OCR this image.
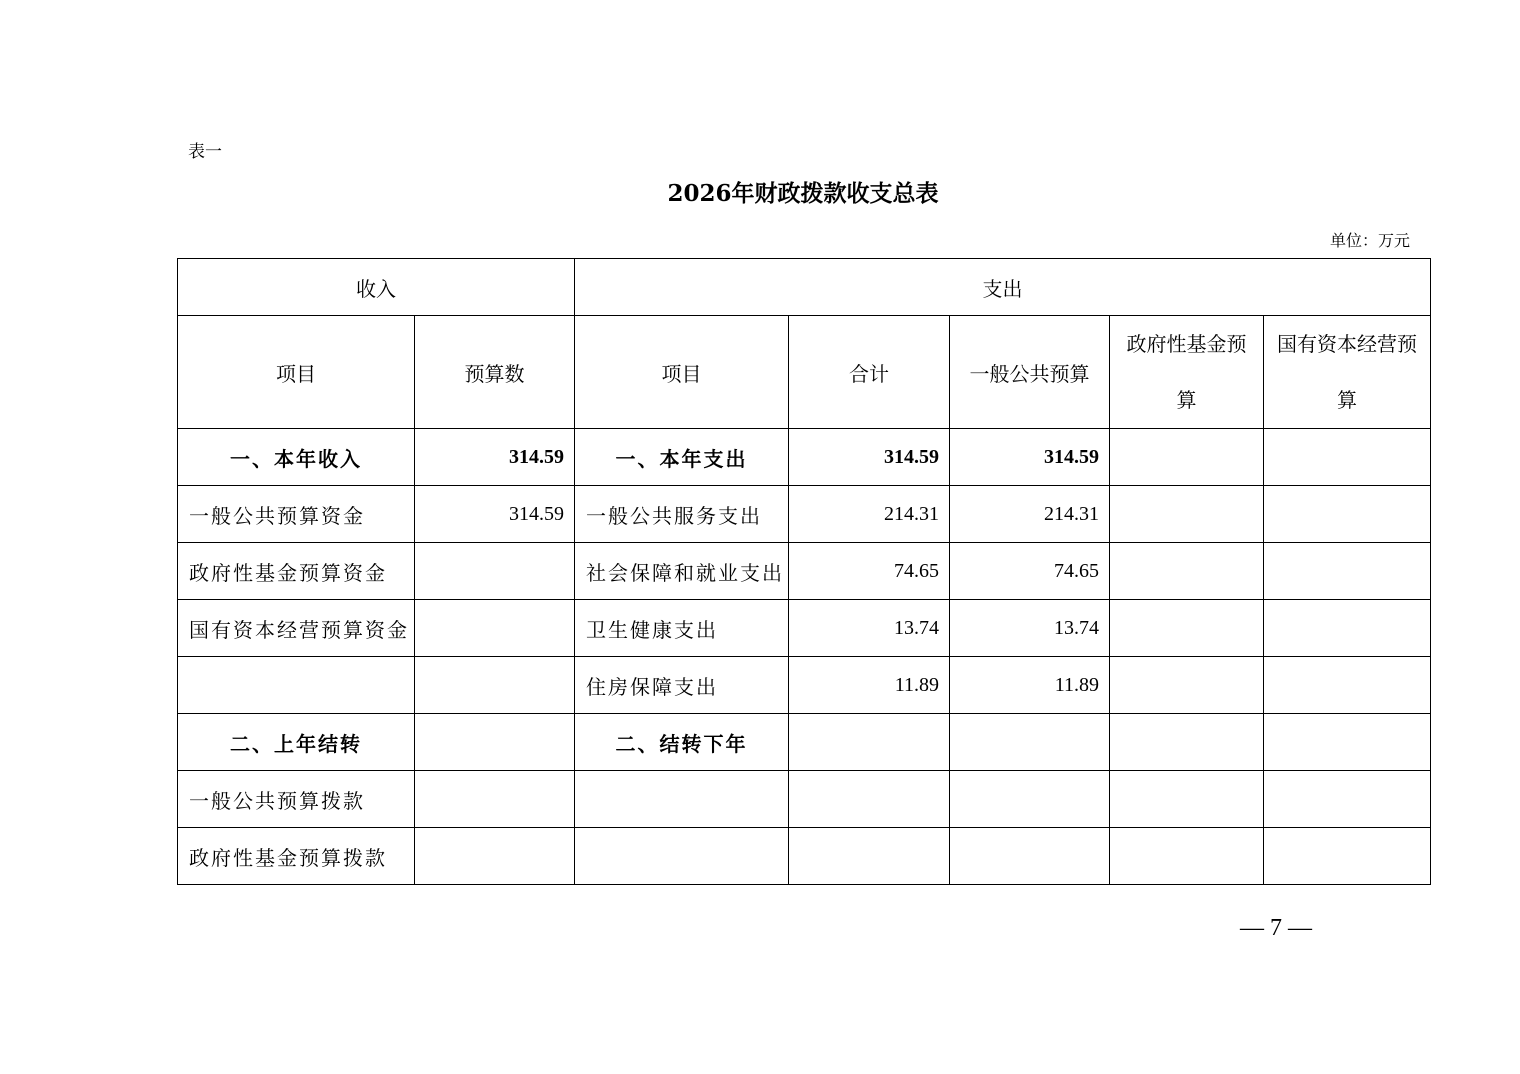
表一
2026年财政拨款收支总表
单位：万元
收入		支出				
项目	预算数	项目	合计	一般公共预算	政府性基金预算	国有资本经营预算
一、本年收入	314.59	一、本年支出	314.59	314.59		
一般公共预算资金	314.59	一般公共服务支出	214.31	214.31		
政府性基金预算资金		社会保障和就业支出	74.65	74.65		
国有资本经营预算资金		卫生健康支出	13.74	13.74		
		住房保障支出	11.89	11.89		
二、上年结转		二、结转下年				
一般公共预算拨款						
政府性基金预算拨款						
— 7 —
